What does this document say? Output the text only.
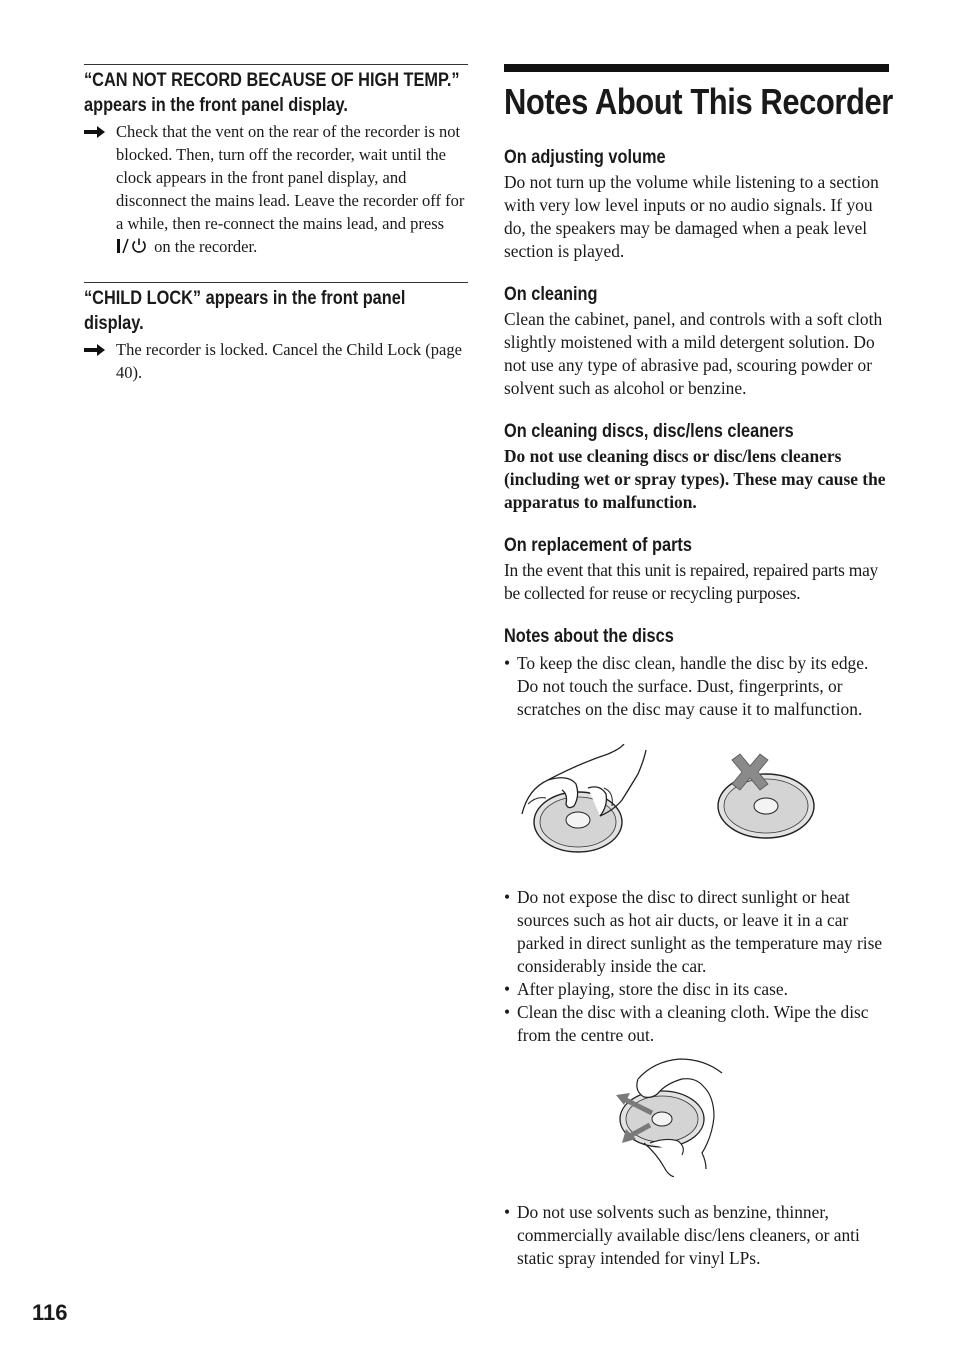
“CAN NOT RECORD BECAUSE OF HIGH TEMP.” appears in the front panel display.
Check that the vent on the rear of the recorder is not blocked. Then, turn off the recorder, wait until the clock appears in the front panel display, and disconnect the mains lead. Leave the recorder off for a while, then re-connect the mains lead, and press  on the recorder.
“CHILD LOCK” appears in the front panel display.
The recorder is locked. Cancel the Child Lock (page 40).
Notes About This Recorder
On adjusting volume

Do not turn up the volume while listening to a section with very low level inputs or no audio signals. If you do, the speakers may be damaged when a peak level section is played.

On cleaning

Clean the cabinet, panel, and controls with a soft cloth slightly moistened with a mild detergent solution. Do not use any type of abrasive pad, scouring powder or solvent such as alcohol or benzine.

On cleaning discs, disc/lens cleaners

Do not use cleaning discs or disc/lens cleaners (including wet or spray types). These may cause the apparatus to malfunction.

On replacement of parts

In the event that this unit is repaired, repaired parts may be collected for reuse or recycling purposes.

Notes about the discs
• To keep the disc clean, handle the disc by its edge. Do not touch the surface. Dust, fingerprints, or scratches on the disc may cause it to malfunction.
• Do not expose the disc to direct sunlight or heat sources such as hot air ducts, or leave it in a car parked in direct sunlight as the temperature may rise considerably inside the car.
• After playing, store the disc in its case.
• Clean the disc with a cleaning cloth. Wipe the disc from the centre out.
• Do not use solvents such as benzine, thinner, commercially available disc/lens cleaners, or anti static spray intended for vinyl LPs.
116
